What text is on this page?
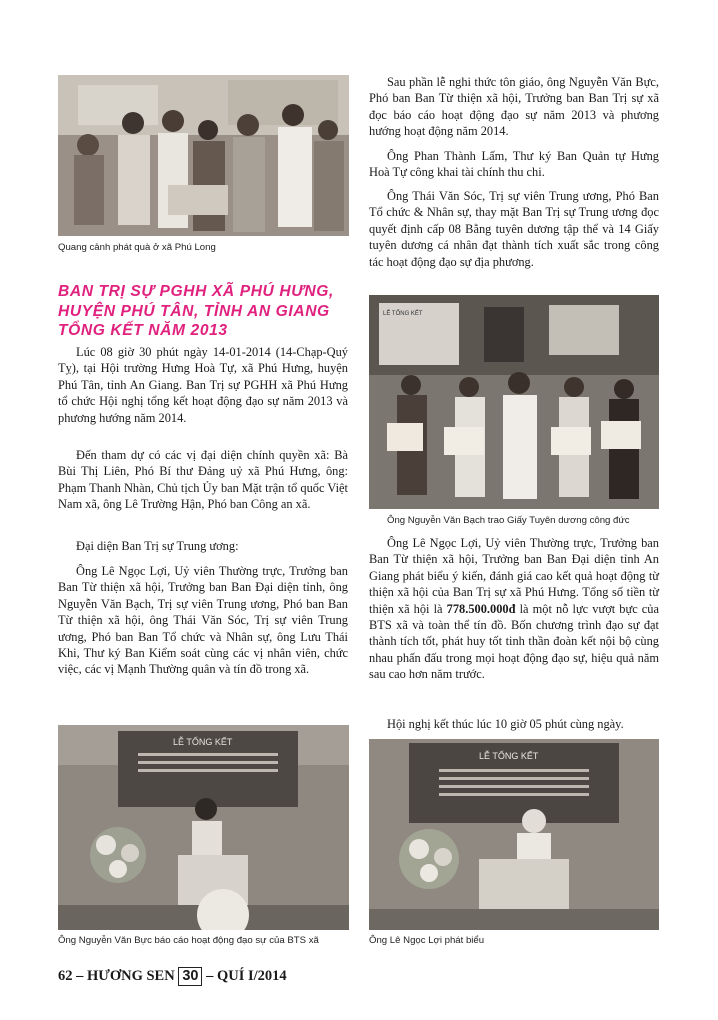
Quang cảnh phát quà ở xã Phú Long

BAN TRỊ SỰ PGHH XÃ PHÚ HƯNG, HUYỆN PHÚ TÂN, TỈNH AN GIANG TỔNG KẾT NĂM 2013

Lúc 08 giờ 30 phút ngày 14-01-2014 (14-Chạp-Quý Tỵ), tại Hội trường Hưng Hoà Tự, xã Phú Hưng, huyện Phú Tân, tỉnh An Giang. Ban Trị sự PGHH xã Phú Hưng tổ chức Hội nghị tổng kết hoạt động đạo sự năm 2013 và phương hướng năm 2014.

Đến tham dự có các vị đại diện chính quyền xã: Bà Bùi Thị Liên, Phó Bí thư Đảng uỷ xã Phú Hưng, ông: Phạm Thanh Nhàn, Chủ tịch Ủy ban Mặt trận tổ quốc Việt Nam xã, ông Lê Trường Hận, Phó ban Công an xã.

Đại diện Ban Trị sự Trung ương:

Ông Lê Ngọc Lợi, Uỷ viên Thường trực, Trưởng ban Ban Từ thiện xã hội, Trưởng ban Ban Đại diện tỉnh, ông Nguyễn Văn Bạch, Trị sự viên Trung ương, Phó ban Ban Từ thiện xã hội, ông Thái Văn Sóc, Trị sự viên Trung ương, Phó ban Ban Tổ chức và Nhân sự, ông Lưu Thái Khi, Thư ký Ban Kiểm soát cùng các vị nhân viên, chức việc, các vị Mạnh Thường quân và tín đồ trong xã.

Sau phần lễ nghi thức tôn giáo, ông Nguyễn Văn Bực, Phó ban Ban Từ thiện xã hội, Trưởng ban Ban Trị sự xã đọc báo cáo hoạt động đạo sự năm 2013 và phương hướng hoạt động năm 2014.

Ông Phan Thành Lấm, Thư ký Ban Quản tự Hưng Hoà Tự công khai tài chính thu chi.

Ông Thái Văn Sóc, Trị sự viên Trung ương, Phó Ban Tổ chức & Nhân sự, thay mặt Ban Trị sự Trung ương đọc quyết định cấp 08 Bằng tuyên dương tập thể và 14 Giấy tuyên dương cá nhân đạt thành tích xuất sắc trong công tác hoạt động đạo sự địa phương.

LỄ TỔNG KẾT

Ông Nguyễn Văn Bạch trao Giấy Tuyên dương công đức

Ông Lê Ngọc Lợi, Uỷ viên Thường trực, Trưởng ban Ban Từ thiện xã hội, Trưởng ban Ban Đại diện tỉnh An Giang phát biểu ý kiến, đánh giá cao kết quả hoạt động từ thiện xã hội của Ban Trị sự xã Phú Hưng. Tổng số tiền từ thiện xã hội là 778.500.000đ là một nỗ lực vượt bực của BTS xã và toàn thể tín đồ. Bốn chương trình đạo sự đạt thành tích tốt, phát huy tốt tinh thần đoàn kết nội bộ cùng nhau phấn đấu trong mọi hoạt động đạo sự, hiệu quả năm sau cao hơn năm trước.

Hội nghị kết thúc lúc 10 giờ 05 phút cùng ngày.

LỄ TỔNG KẾT

Ông Nguyễn Văn Bực báo cáo hoạt động đạo sự của BTS xã

LỄ TỔNG KẾT

Ông Lê Ngọc Lợi phát biểu

62 – HƯƠNG SEN 30 – QUÍ I/2014
